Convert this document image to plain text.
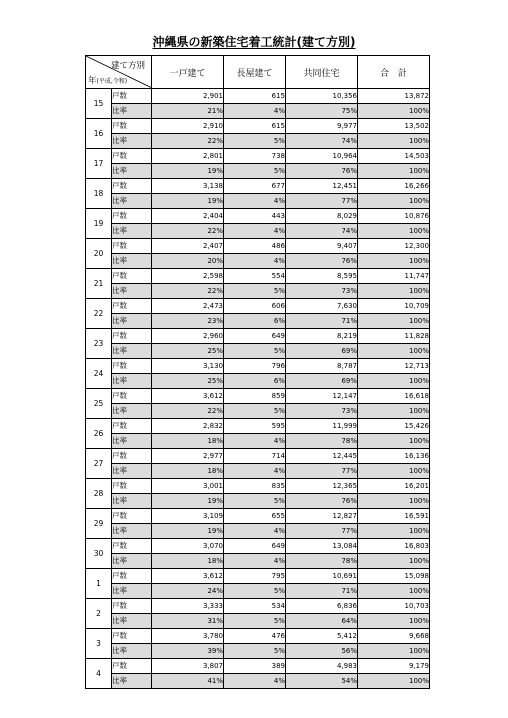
沖縄県の新築住宅着工統計(建て方別)
建て方別
年(平成,令和)		一戸建て	長屋建て	共同住宅	合　計
15	戸数	2,901	615	10,356	13,872
	比率	21%	4%	75%	100%
16	戸数	2,910	615	9,977	13,502
	比率	22%	5%	74%	100%
17	戸数	2,801	738	10,964	14,503
	比率	19%	5%	76%	100%
18	戸数	3,138	677	12,451	16,266
	比率	19%	4%	77%	100%
19	戸数	2,404	443	8,029	10,876
	比率	22%	4%	74%	100%
20	戸数	2,407	486	9,407	12,300
	比率	20%	4%	76%	100%
21	戸数	2,598	554	8,595	11,747
	比率	22%	5%	73%	100%
22	戸数	2,473	606	7,630	10,709
	比率	23%	6%	71%	100%
23	戸数	2,960	649	8,219	11,828
	比率	25%	5%	69%	100%
24	戸数	3,130	796	8,787	12,713
	比率	25%	6%	69%	100%
25	戸数	3,612	859	12,147	16,618
	比率	22%	5%	73%	100%
26	戸数	2,832	595	11,999	15,426
	比率	18%	4%	78%	100%
27	戸数	2,977	714	12,445	16,136
	比率	18%	4%	77%	100%
28	戸数	3,001	835	12,365	16,201
	比率	19%	5%	76%	100%
29	戸数	3,109	655	12,827	16,591
	比率	19%	4%	77%	100%
30	戸数	3,070	649	13,084	16,803
	比率	18%	4%	78%	100%
1	戸数	3,612	795	10,691	15,098
	比率	24%	5%	71%	100%
2	戸数	3,333	534	6,836	10,703
	比率	31%	5%	64%	100%
3	戸数	3,780	476	5,412	9,668
	比率	39%	5%	56%	100%
4	戸数	3,807	389	4,983	9,179
	比率	41%	4%	54%	100%
